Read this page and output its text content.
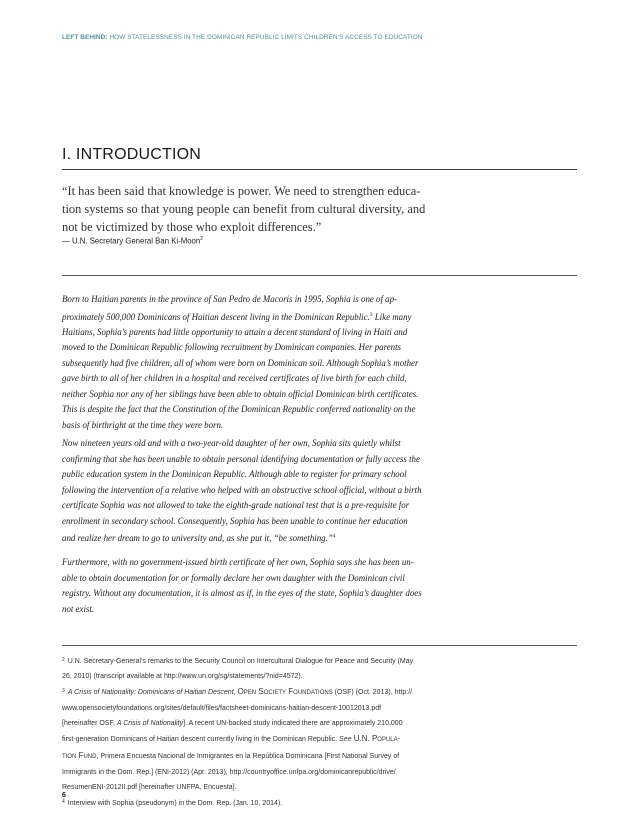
LEFT BEHIND: HOW STATELESSNESS IN THE DOMINICAN REPUBLIC LIMITS CHILDREN’S ACCESS TO EDUCATION
I. INTRODUCTION

“It has been said that knowledge is power. We need to strengthen educa-

tion systems so that young people can benefit from cultural diversity, and

not be victimized by those who exploit differences.”

— U.N. Secretary General Ban Ki-Moon$^2$

Born to Haitian parents in the province of San Pedro de Macoris in 1995, Sophia is one of ap-

proximately 500,000 Dominicans of Haitian descent living in the Dominican Republic.$^3$ Like many

Haitians, Sophia’s parents had little opportunity to attain a decent standard of living in Haiti and

moved to the Dominican Republic following recruitment by Dominican companies. Her parents

subsequently had five children, all of whom were born on Dominican soil. Although Sophia’s mother

gave birth to all of her children in a hospital and received certificates of live birth for each child,

neither Sophia nor any of her siblings have been able to obtain official Dominican birth certificates.

This is despite the fact that the Constitution of the Dominican Republic conferred nationality on the

basis of birthright at the time they were born.

Now nineteen years old and with a two-year-old daughter of her own, Sophia sits quietly whilst

confirming that she has been unable to obtain personal identifying documentation or fully access the

public education system in the Dominican Republic. Although able to register for primary school

following the intervention of a relative who helped with an obstructive school official, without a birth

certificate Sophia was not allowed to take the eighth-grade national test that is a pre-requisite for

enrollment in secondary school. Consequently, Sophia has been unable to continue her education

and realize her dream to go to university and, as she put it, “be something.”$^4$

Furthermore, with no government-issued birth certificate of her own, Sophia says she has been un-

able to obtain documentation for or formally declare her own daughter with the Dominican civil

registry. Without any documentation, it is almost as if, in the eyes of the state, Sophia’s daughter does

not exist.

$^2$ U.N. Secretary-General’s remarks to the Security Council on Intercultural Dialogue for Peace and Security (May

26, 2010) (transcript available at http://www.un.org/sg/statements/?nid=4572).

$^3$ A Crisis of Nationality: Dominicans of Haitian Descent, OPEN SOCIETY FOUNDATIONS (OSF) (Oct. 2013), http://

www.opensocietyfoundations.org/sites/default/files/factsheet-dominicans-haitian-descent-10012013.pdf

[hereinafter OSF, A Crisis of Nationality]. A recent UN-backed study indicated there are approximately 210,000

first-generation Dominicans of Haitian descent currently living in the Dominican Republic. See U.N. POPULA-

TION FUND, Primera Encuesta Nacional de Inmigrantes en la República Dominicana [First National Survey of

Immigrants in the Dom. Rep.] (ENI-2012) (Apr. 2013), http://countryoffice.unfpa.org/dominicanrepublic/drive/

ResumenENI-2012II.pdf [hereinafter UNFPA, Encuesta].

$^4$ Interview with Sophia (pseudonym) in the Dom. Rep. (Jan. 10, 2014).

6
